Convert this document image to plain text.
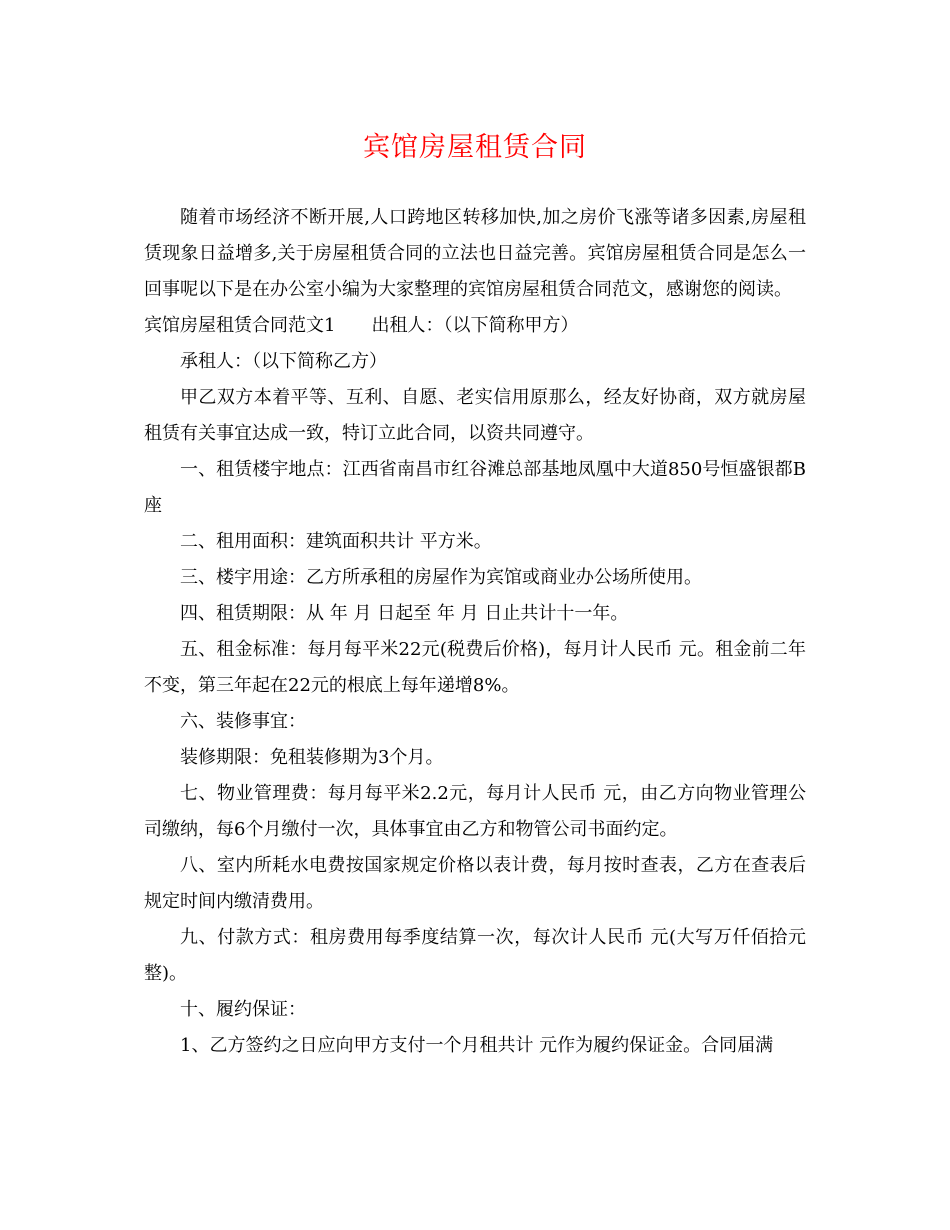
宾馆房屋租赁合同

随着市场经济不断开展,人口跨地区转移加快,加之房价飞涨等诸多因素,房屋租赁现象日益增多,关于房屋租赁合同的立法也日益完善。宾馆房屋租赁合同是怎么一回事呢以下是在办公室小编为大家整理的宾馆房屋租赁合同范文，感谢您的阅读。

宾馆房屋租赁合同范文1 出租人：（以下简称甲方）

承租人：（以下简称乙方）

甲乙双方本着平等、互利、自愿、老实信用原那么，经友好协商，双方就房屋租赁有关事宜达成一致，特订立此合同，以资共同遵守。

一、租赁楼宇地点：江西省南昌市红谷滩总部基地凤凰中大道850号恒盛银都B座

二、租用面积：建筑面积共计 平方米。

三、楼宇用途：乙方所承租的房屋作为宾馆或商业办公场所使用。

四、租赁期限：从 年 月 日起至 年 月 日止共计十一年。

五、租金标准：每月每平米22元(税费后价格)，每月计人民币 元。租金前二年不变，第三年起在22元的根底上每年递增8%。

六、装修事宜：

装修期限：免租装修期为3个月。

七、物业管理费：每月每平米2.2元，每月计人民币 元，由乙方向物业管理公司缴纳，每6个月缴付一次，具体事宜由乙方和物管公司书面约定。

八、室内所耗水电费按国家规定价格以表计费，每月按时查表，乙方在查表后规定时间内缴清费用。

九、付款方式：租房费用每季度结算一次，每次计人民币 元(大写万仟佰拾元整)。

十、履约保证：

1、乙方签约之日应向甲方支付一个月租共计 元作为履约保证金。合同届满
